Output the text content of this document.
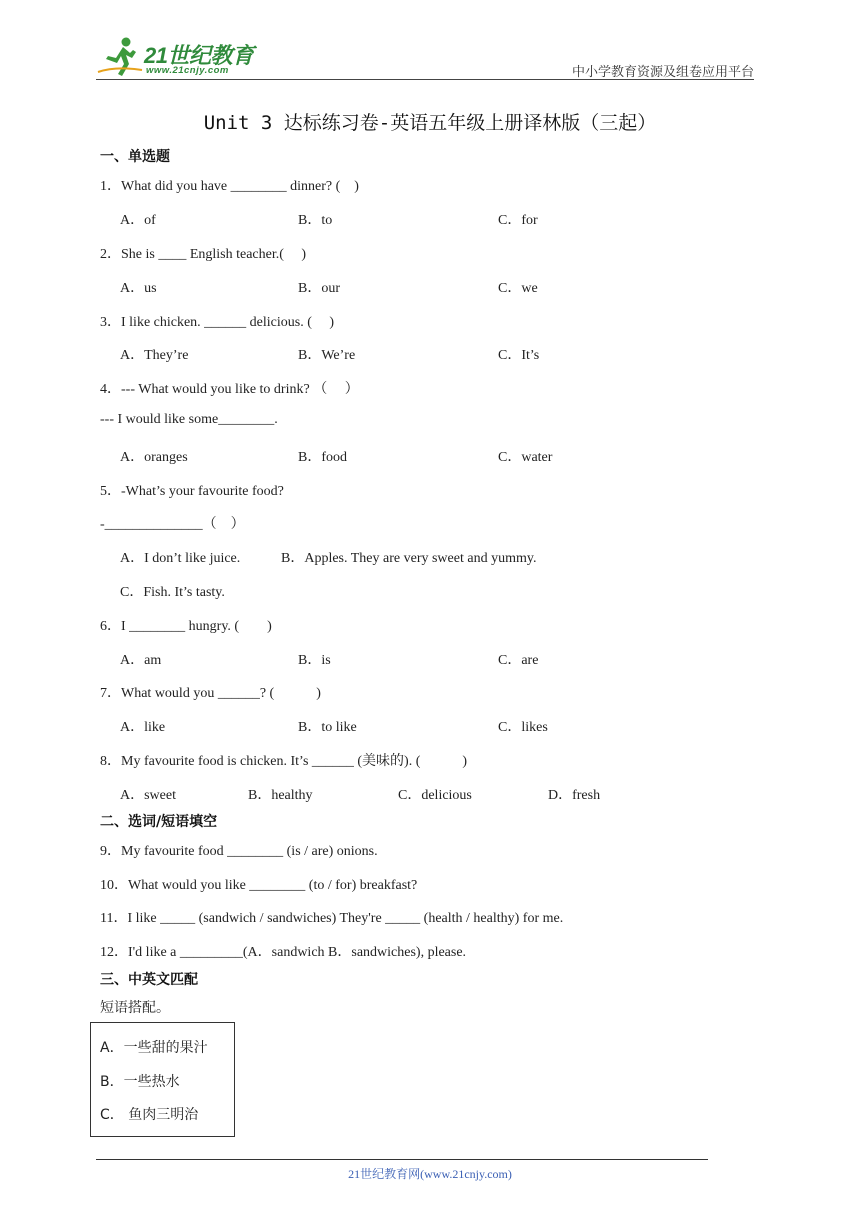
21世纪教育
www.21cnjy.com	中小学教育资源及组卷应用平台
Unit 3 达标练习卷-英语五年级上册译林版（三起）
一、单选题
1．What did you have ________ dinner? (　)
A．of	B．to	C．for
2．She is ____ English teacher.(　 )
A．us	B．our	C．we
3．I like chicken. ______ delicious. (　 )
A．They’re	B．We’re	C．It’s
4．--- What would you like to drink? （　 ）
--- I would like some________.
A．oranges	B．food	C．water
5．-What’s your favourite food?
-______________（　）
A．I don’t like juice.	B．Apples. They are very sweet and yummy.
C．Fish. It’s tasty.
6．I ________ hungry. (　　)
A．am	B．is	C．are
7．What would you ______? (　　　)
A．like	B．to like	C．likes
8．My favourite food is chicken. It’s ______ (美味的). (　　　)
A．sweet	B．healthy	C．delicious	D．fresh
二、选词/短语填空
9．My favourite food ________ (is / are) onions.
10．What would you like ________ (to / for) breakfast?
11．I like _____ (sandwich / sandwiches) They're _____ (health / healthy) for me.
12．I'd like a _________(A．sandwich B．sandwiches), please.
三、中英文匹配
短语搭配。
A．一些甜的果汁
B．一些热水
C． 鱼肉三明治
21世纪教育网(www.21cnjy.com)
